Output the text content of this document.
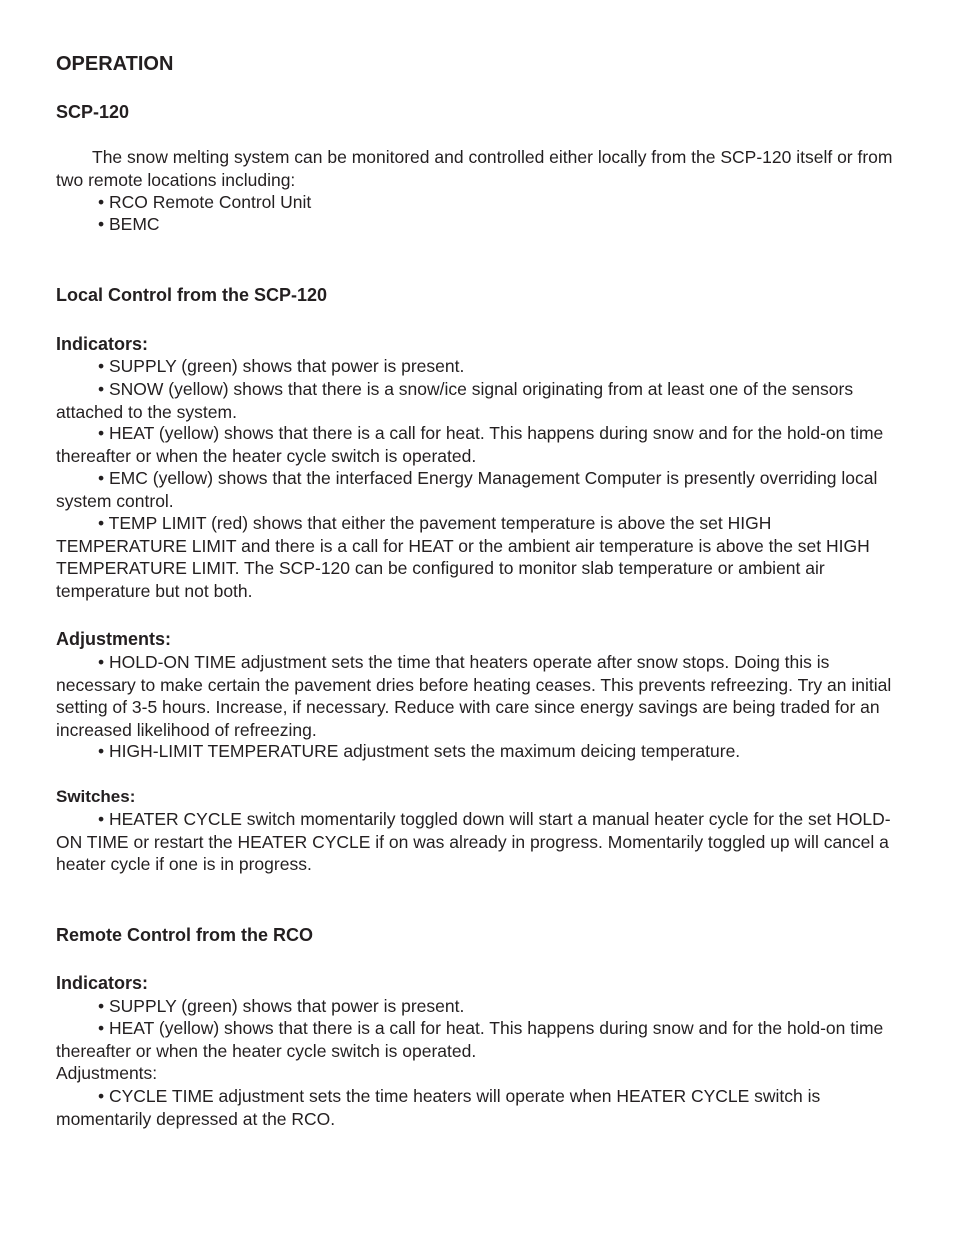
OPERATION
SCP-120
The snow melting system can be monitored and controlled either locally from the SCP-120 itself or from two remote locations including:
• RCO Remote Control Unit
• BEMC
Local Control from the SCP-120
Indicators:
• SUPPLY (green) shows that power is present.
• SNOW (yellow) shows that there is a snow/ice signal originating from at least one of the sensors attached to the system.
• HEAT (yellow) shows that there is a call for heat. This happens during snow and for the hold-on time thereafter or when the heater cycle switch is operated.
• EMC (yellow) shows that the interfaced Energy Management Computer is presently overriding local system control.
• TEMP LIMIT (red) shows that either the pavement temperature is above the set HIGH TEMPERATURE LIMIT and there is a call for HEAT or the ambient air temperature is above the set HIGH TEMPERATURE LIMIT. The SCP-120 can be configured to monitor slab temperature or ambient air temperature but not both.
Adjustments:
• HOLD-ON TIME adjustment sets the time that heaters operate after snow stops. Doing this is necessary to make certain the pavement dries before heating ceases. This prevents refreezing. Try an initial setting of 3-5 hours. Increase, if necessary. Reduce with care since energy savings are being traded for an increased likelihood of refreezing.
• HIGH-LIMIT TEMPERATURE adjustment sets the maximum deicing temperature.
Switches:
• HEATER CYCLE switch momentarily toggled down will start a manual heater cycle for the set HOLD-ON TIME or restart the HEATER CYCLE if on was already in progress. Momentarily toggled up will cancel a heater cycle if one is in progress.
Remote Control from the RCO
Indicators:
• SUPPLY (green) shows that power is present.
• HEAT (yellow) shows that there is a call for heat. This happens during snow and for the hold-on time thereafter or when the heater cycle switch is operated.
Adjustments:
• CYCLE TIME adjustment sets the time heaters will operate when HEATER CYCLE switch is momentarily depressed at the RCO.
